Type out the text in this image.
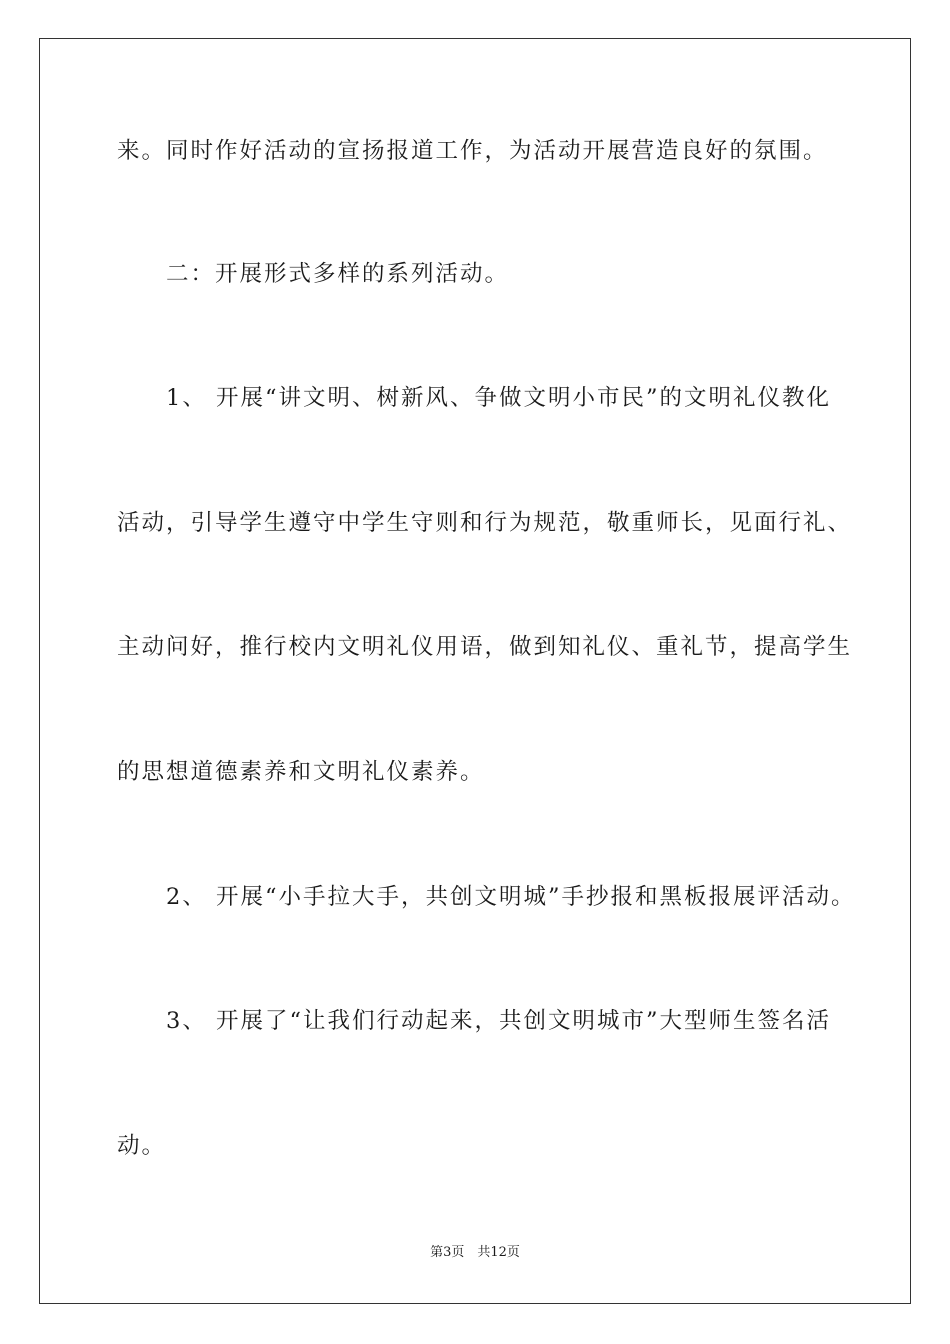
来。同时作好活动的宣扬报道工作，为活动开展营造良好的氛围。
　　二：开展形式多样的系列活动。
　　1、 开展“讲文明、树新风、争做文明小市民”的文明礼仪教化
活动，引导学生遵守中学生守则和行为规范，敬重师长，见面行礼、
主动问好，推行校内文明礼仪用语，做到知礼仪、重礼节，提高学生
的思想道德素养和文明礼仪素养。
　　2、 开展“小手拉大手，共创文明城”手抄报和黑板报展评活动。
　　3、 开展了“让我们行动起来，共创文明城市”大型师生签名活
动。
第3页　共12页
